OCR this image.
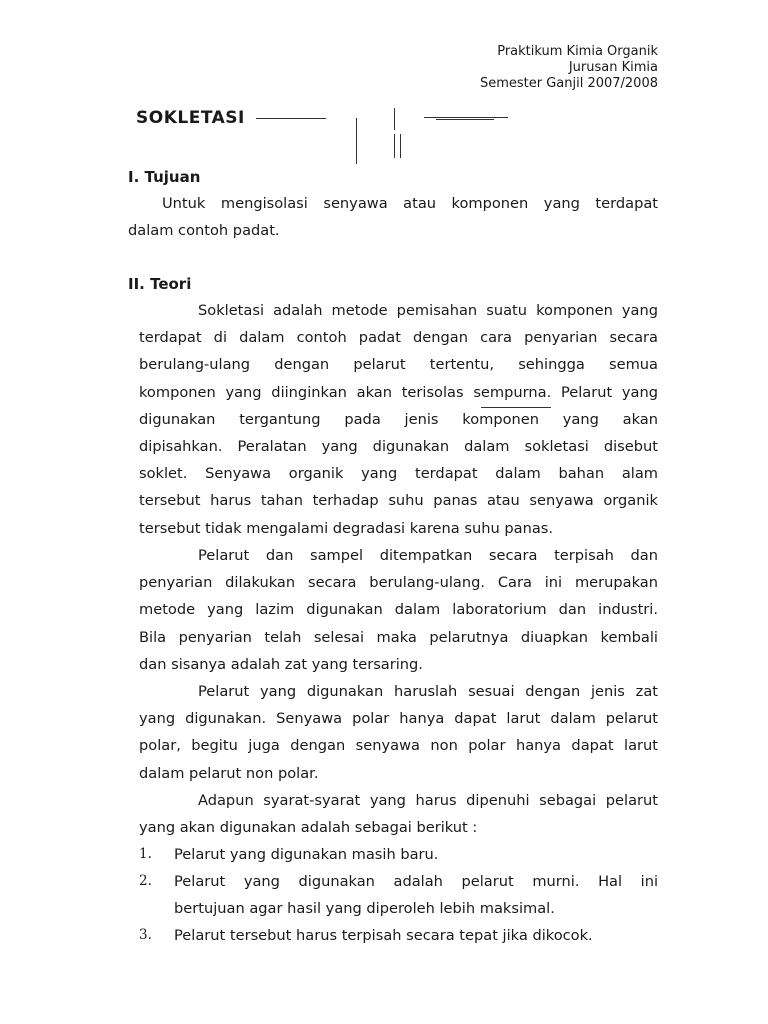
Praktikum Kimia Organik
Jurusan Kimia
Semester Ganjil 2007/2008
SOKLETASI
I. Tujuan
Untuk mengisolasi senyawa atau komponen yang terdapat
dalam contoh padat.
II. Teori
Sokletasi adalah metode pemisahan suatu komponen yang
terdapat di dalam contoh padat dengan cara penyarian secara
berulang-ulang dengan pelarut tertentu, sehingga semua
komponen yang diinginkan akan terisolas sempurna. Pelarut yang
digunakan tergantung pada jenis komponen yang akan
dipisahkan. Peralatan yang digunakan dalam sokletasi disebut
soklet. Senyawa organik yang terdapat dalam bahan alam
tersebut harus tahan terhadap suhu panas atau senyawa organik
tersebut tidak mengalami degradasi karena suhu panas.
Pelarut dan sampel ditempatkan secara terpisah dan
penyarian dilakukan secara berulang-ulang. Cara ini merupakan
metode yang lazim digunakan dalam laboratorium dan industri.
Bila penyarian telah selesai maka pelarutnya diuapkan kembali
dan sisanya adalah zat yang tersaring.
Pelarut yang digunakan haruslah sesuai dengan jenis zat
yang digunakan. Senyawa polar hanya dapat larut dalam pelarut
polar, begitu juga dengan senyawa non polar hanya dapat larut
dalam pelarut non polar.
Adapun syarat-syarat yang harus dipenuhi sebagai pelarut
yang akan digunakan adalah sebagai berikut :
1. Pelarut yang digunakan masih baru.
2. Pelarut yang digunakan adalah pelarut murni. Hal ini
bertujuan agar hasil yang diperoleh lebih maksimal.
3. Pelarut tersebut harus terpisah secara tepat jika dikocok.
